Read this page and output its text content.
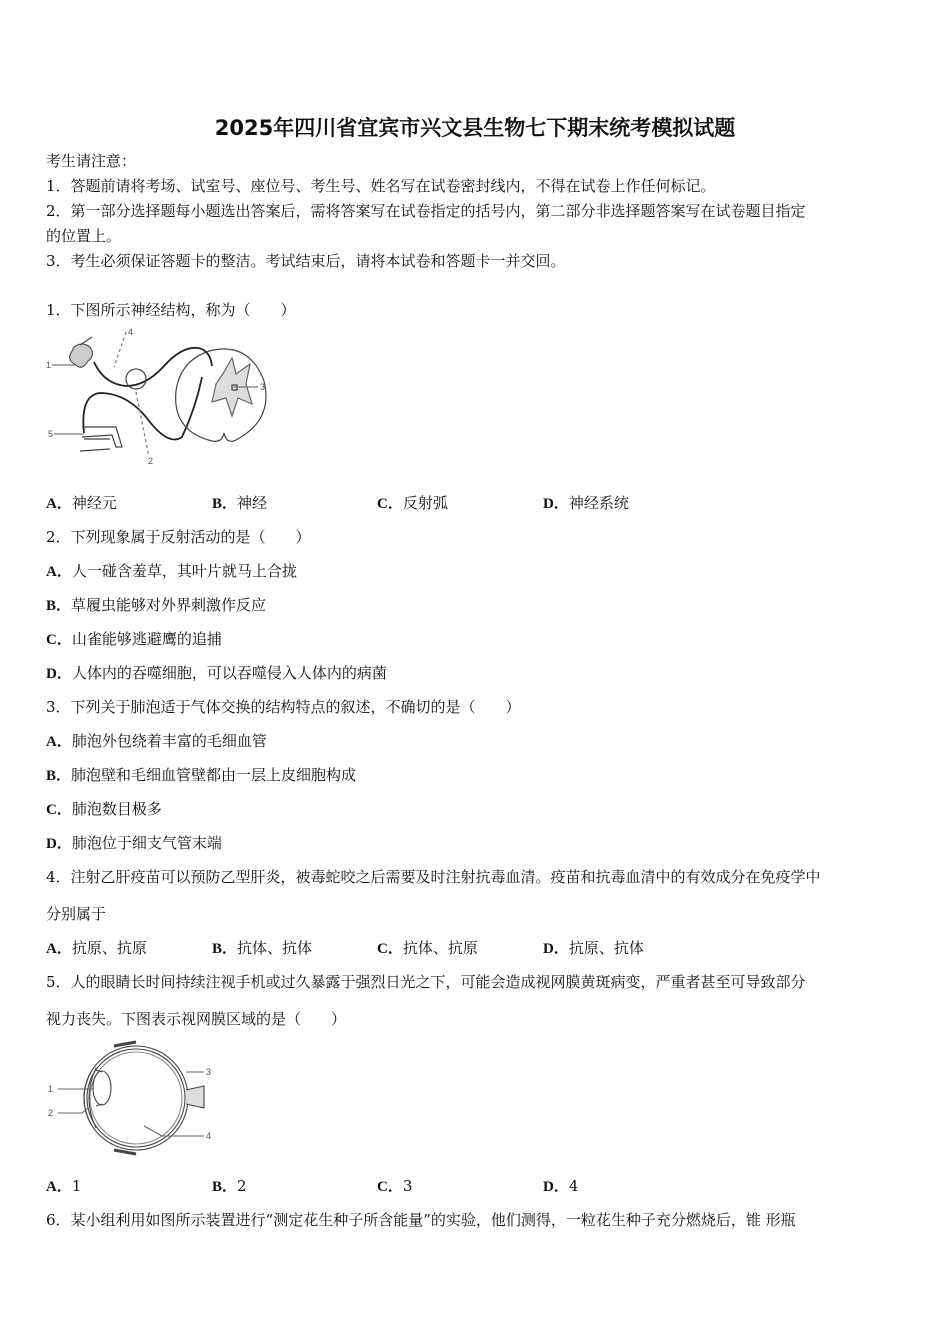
2025年四川省宜宾市兴文县生物七下期末统考模拟试题
考生请注意：
1．答题前请将考场、试室号、座位号、考生号、姓名写在试卷密封线内，不得在试卷上作任何标记。
2．第一部分选择题每小题选出答案后，需将答案写在试卷指定的括号内，第二部分非选择题答案写在试卷题目指定
的位置上。
3．考生必须保证答题卡的整洁。考试结束后，请将本试卷和答题卡一并交回。
1．下图所示神经结构，称为（　　）
1
2
3
4
5
A．神经元	B．神经	C．反射弧	D．神经系统
2．下列现象属于反射活动的是（　　）
A．人一碰含羞草，其叶片就马上合拢
B．草履虫能够对外界刺激作反应
C．山雀能够逃避鹰的追捕
D．人体内的吞噬细胞，可以吞噬侵入人体内的病菌
3．下列关于肺泡适于气体交换的结构特点的叙述，不确切的是（　　）
A．肺泡外包绕着丰富的毛细血管
B．肺泡壁和毛细血管壁都由一层上皮细胞构成
C．肺泡数目极多
D．肺泡位于细支气管末端
4．注射乙肝疫苗可以预防乙型肝炎，被毒蛇咬之后需要及时注射抗毒血清。疫苗和抗毒血清中的有效成分在免疫学中
分别属于
A．抗原、抗原	B．抗体、抗体	C．抗体、抗原	D．抗原、抗体
5．人的眼睛长时间持续注视手机或过久暴露于强烈日光之下，可能会造成视网膜黄斑病变，严重者甚至可导致部分
视力丧失。下图表示视网膜区域的是（　　）
1
2
3
4
A．1	B．2	C．3	D．4
6．某小组利用如图所示装置进行“测定花生种子所含能量”的实验，他们测得，一粒花生种子充分燃烧后，锥 形瓶
